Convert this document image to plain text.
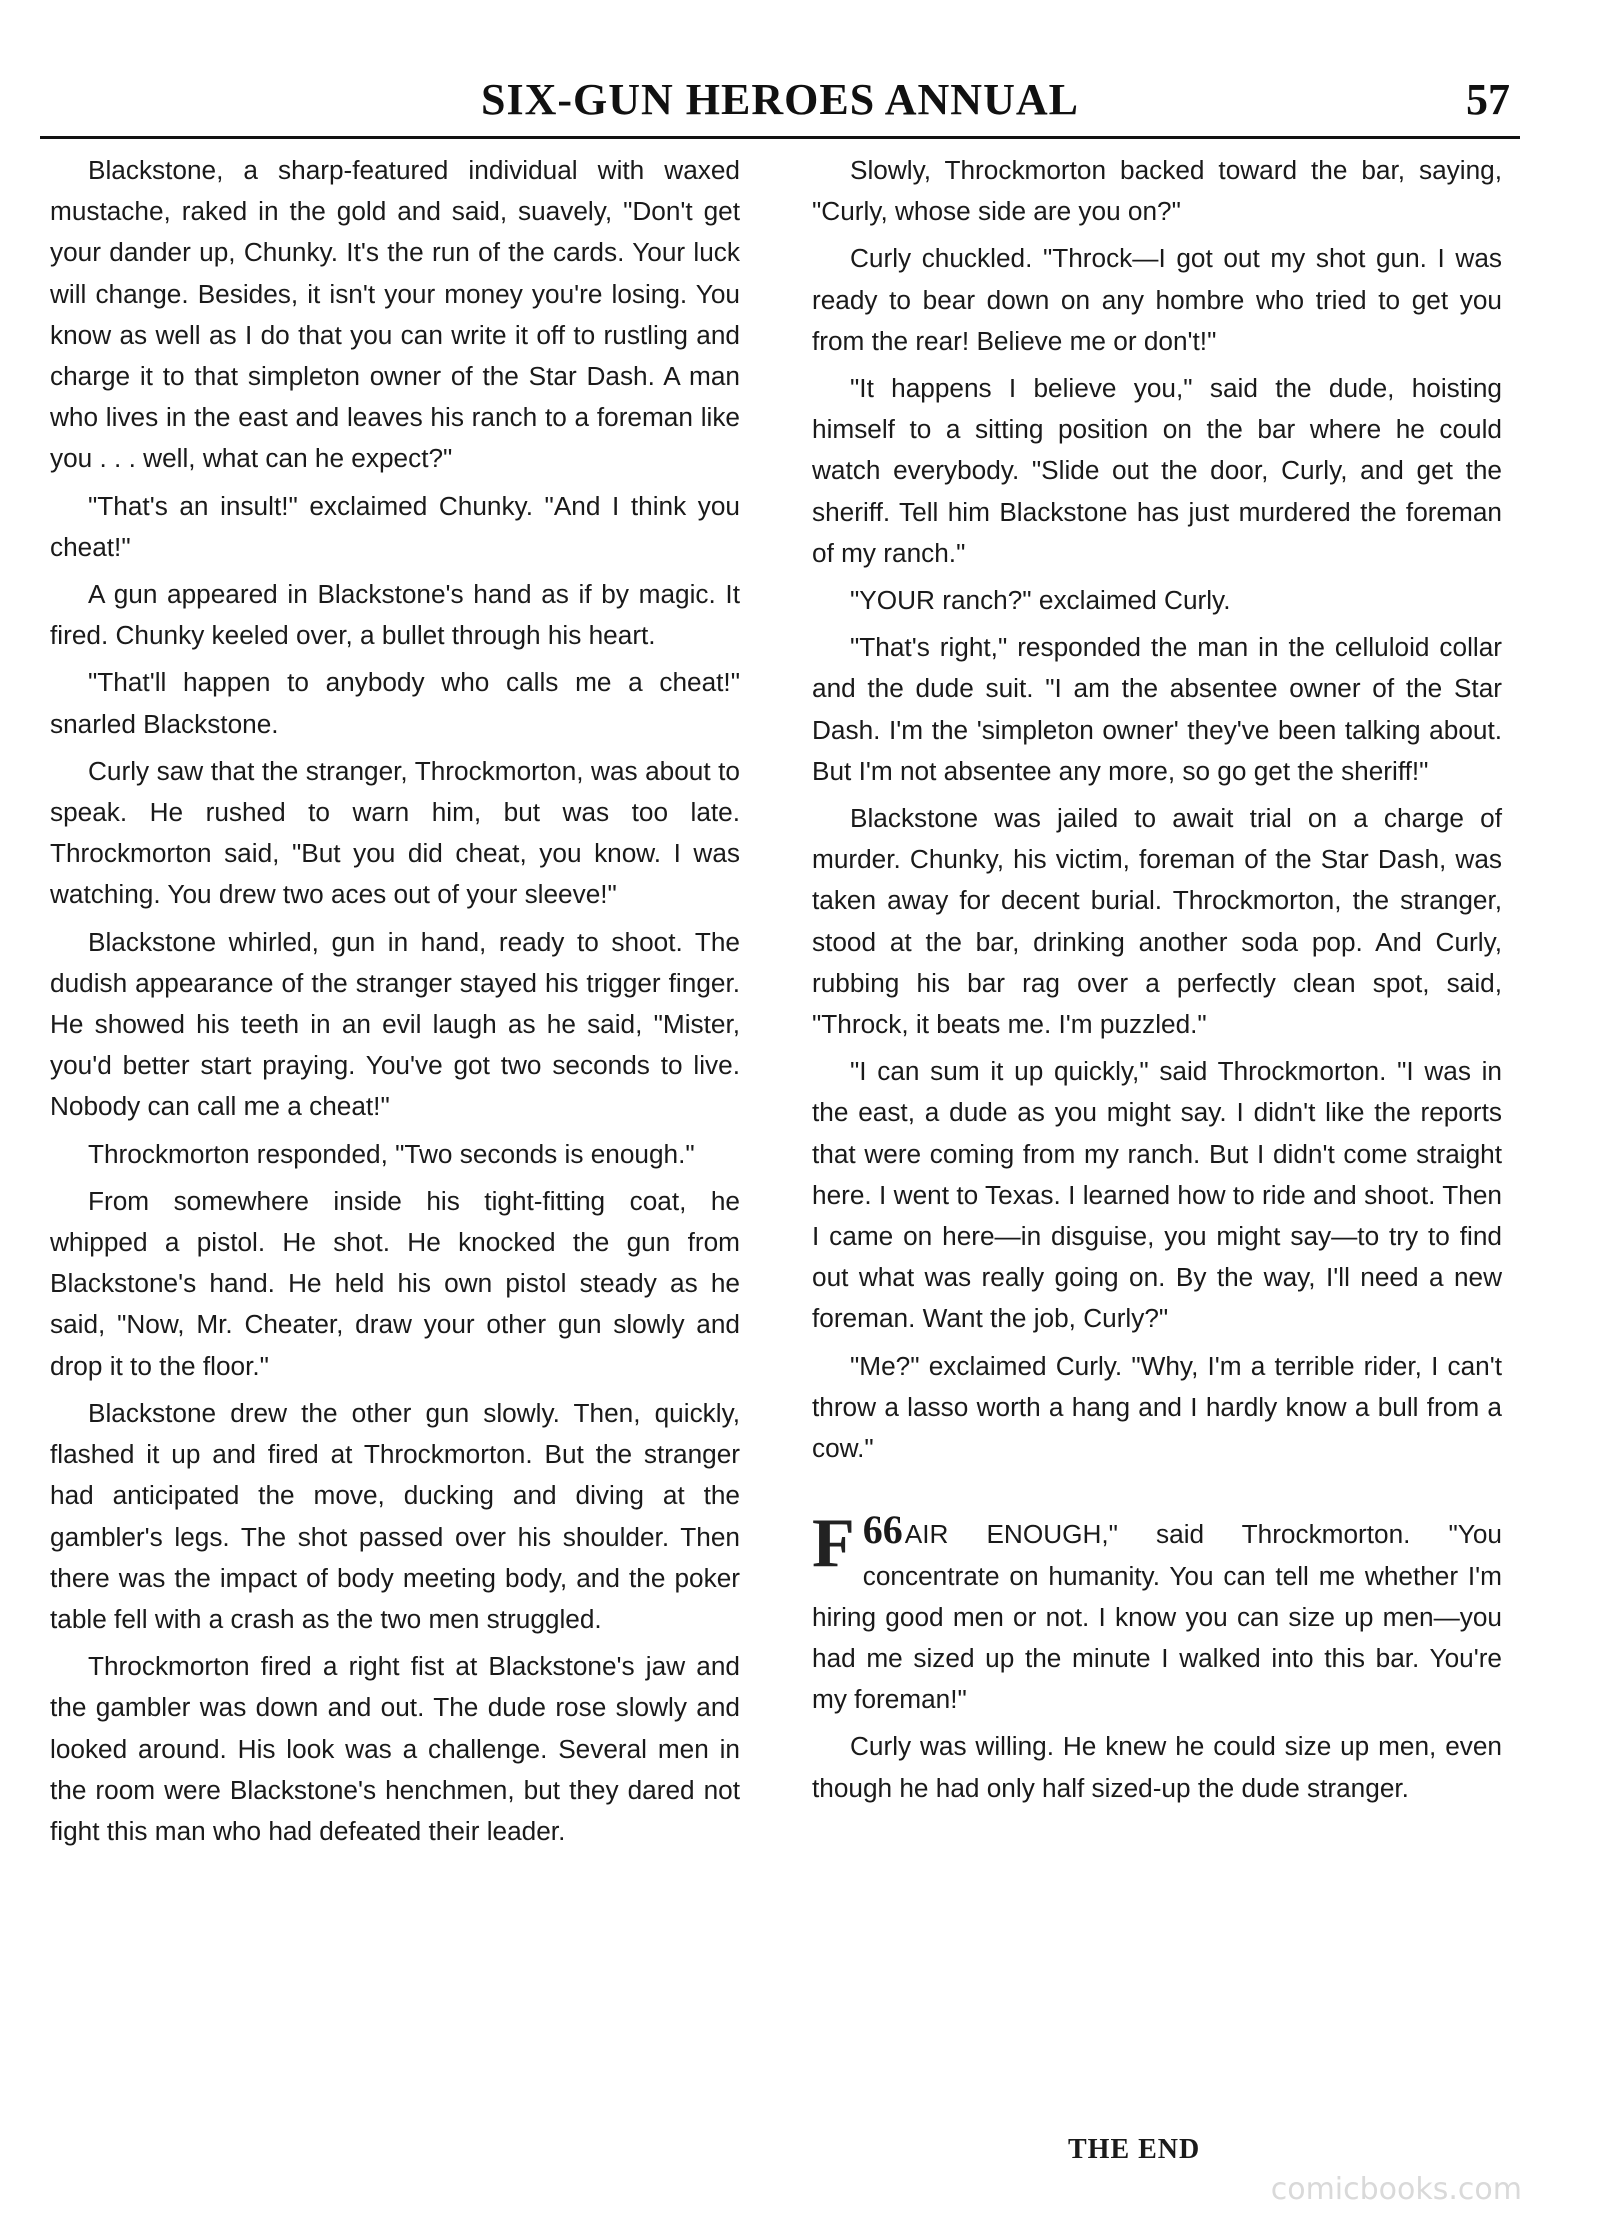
SIX-GUN HEROES ANNUAL	57

Blackstone, a sharp-featured individual with waxed mustache, raked in the gold and said, suavely, "Don't get your dander up, Chunky. It's the run of the cards. Your luck will change. Besides, it isn't your money you're losing. You know as well as I do that you can write it off to rustling and charge it to that simpleton owner of the Star Dash. A man who lives in the east and leaves his ranch to a foreman like you . . . well, what can he expect?"

"That's an insult!" exclaimed Chunky. "And I think you cheat!"

A gun appeared in Blackstone's hand as if by magic. It fired. Chunky keeled over, a bullet through his heart.

"That'll happen to anybody who calls me a cheat!" snarled Blackstone.

Curly saw that the stranger, Throckmorton, was about to speak. He rushed to warn him, but was too late. Throckmorton said, "But you did cheat, you know. I was watching. You drew two aces out of your sleeve!"

Blackstone whirled, gun in hand, ready to shoot. The dudish appearance of the stranger stayed his trigger finger. He showed his teeth in an evil laugh as he said, "Mister, you'd better start praying. You've got two seconds to live. Nobody can call me a cheat!"

Throckmorton responded, "Two seconds is enough."

From somewhere inside his tight-fitting coat, he whipped a pistol. He shot. He knocked the gun from Blackstone's hand. He held his own pistol steady as he said, "Now, Mr. Cheater, draw your other gun slowly and drop it to the floor."

Blackstone drew the other gun slowly. Then, quickly, flashed it up and fired at Throckmorton. But the stranger had anticipated the move, ducking and diving at the gambler's legs. The shot passed over his shoulder. Then there was the impact of body meeting body, and the poker table fell with a crash as the two men struggled.

Throckmorton fired a right fist at Blackstone's jaw and the gambler was down and out. The dude rose slowly and looked around. His look was a challenge. Several men in the room were Blackstone's henchmen, but they dared not fight this man who had defeated their leader.

Slowly, Throckmorton backed toward the bar, saying, "Curly, whose side are you on?"

Curly chuckled. "Throck—I got out my shot gun. I was ready to bear down on any hombre who tried to get you from the rear! Believe me or don't!"

"It happens I believe you," said the dude, hoisting himself to a sitting position on the bar where he could watch everybody. "Slide out the door, Curly, and get the sheriff. Tell him Blackstone has just murdered the foreman of my ranch."

"YOUR ranch?" exclaimed Curly.

"That's right," responded the man in the celluloid collar and the dude suit. "I am the absentee owner of the Star Dash. I'm the 'simpleton owner' they've been talking about. But I'm not absentee any more, so go get the sheriff!"

Blackstone was jailed to await trial on a charge of murder. Chunky, his victim, foreman of the Star Dash, was taken away for decent burial. Throckmorton, the stranger, stood at the bar, drinking another soda pop. And Curly, rubbing his bar rag over a perfectly clean spot, said, "Throck, it beats me. I'm puzzled."

"I can sum it up quickly," said Throckmorton. "I was in the east, a dude as you might say. I didn't like the reports that were coming from my ranch. But I didn't come straight here. I went to Texas. I learned how to ride and shoot. Then I came on here—in disguise, you might say—to try to find out what was really going on. By the way, I'll need a new foreman. Want the job, Curly?"

"Me?" exclaimed Curly. "Why, I'm a terrible rider, I can't throw a lasso worth a hang and I hardly know a bull from a cow."

66
F AIR ENOUGH," said Throckmorton. "You concentrate on humanity. You can tell me whether I'm hiring good men or not. I know you can size up men—you had me sized up the minute I walked into this bar. You're my foreman!"

Curly was willing. He knew he could size up men, even though he had only half sized-up the dude stranger.

THE END
comicbooks.com
